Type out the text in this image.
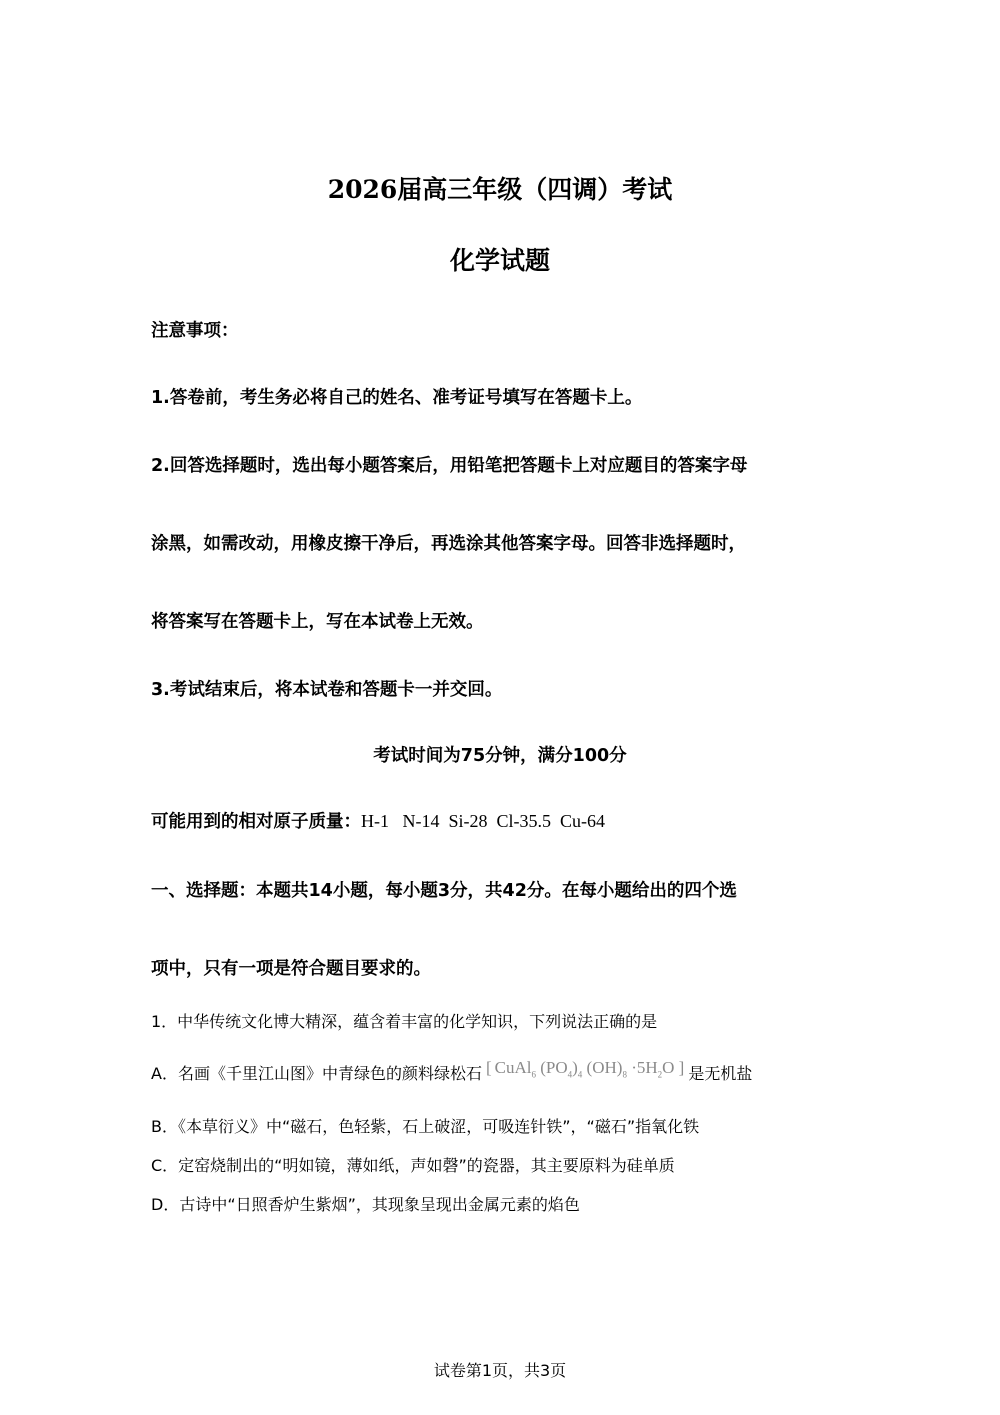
2026届高三年级（四调）考试
化学试题
注意事项：
1.答卷前，考生务必将自己的姓名、准考证号填写在答题卡上。
2.回答选择题时，选出每小题答案后，用铅笔把答题卡上对应题目的答案字母
涂黑，如需改动，用橡皮擦干净后，再选涂其他答案字母。回答非选择题时，
将答案写在答题卡上，写在本试卷上无效。
3.考试结束后，将本试卷和答题卡一并交回。
考试时间为75分钟，满分100分
可能用到的相对原子质量：H-1   N-14  Si-28  Cl-35.5  Cu-64
一、选择题：本题共14小题，每小题3分，共42分。在每小题给出的四个选
项中，只有一项是符合题目要求的。
1．中华传统文化博大精深，蕴含着丰富的化学知识，下列说法正确的是
A．名画《千里江山图》中青绿色的颜料绿松石 [ CuAl$_6$ $(PO_4)_4$ $(OH)_8 \cdot 5H_2O$ ] 是无机盐
B．《本草衍义》中“磁石，色轻紫，石上破涩，可吸连针铁”，“磁石”指氧化铁
C．定窑烧制出的“明如镜，薄如纸，声如磬”的瓷器，其主要原料为硅单质
D．古诗中“日照香炉生紫烟”，其现象呈现出金属元素的焰色
试卷第1页，共3页
